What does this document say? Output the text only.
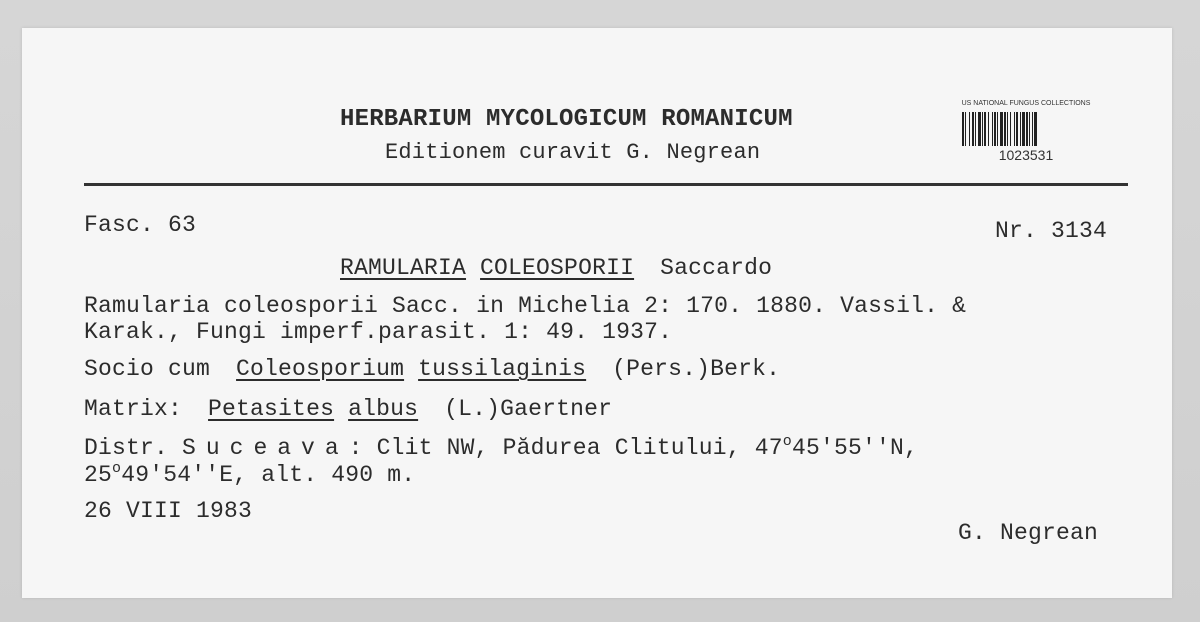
HERBARIUM MYCOLOGICUM ROMANICUM
Editionem curavit G. Negrean
US NATIONAL FUNGUS COLLECTIONS
1023531
Fasc. 63	Nr. 3134
RAMULARIA COLEOSPORII Saccardo
Ramularia coleosporii Sacc. in Michelia 2: 170. 1880. Vassil. &
Karak., Fungi imperf.parasit. 1: 49. 1937.
Socio cum Coleosporium tussilaginis (Pers.)Berk.
Matrix: Petasites albus (L.)Gaertner
Distr. Suceava: Clit NW, Pădurea Clitului, 47$^o$45'55''N,
25$^o$49'54''E, alt. 490 m.
26 VIII 1983
G. Negrean
